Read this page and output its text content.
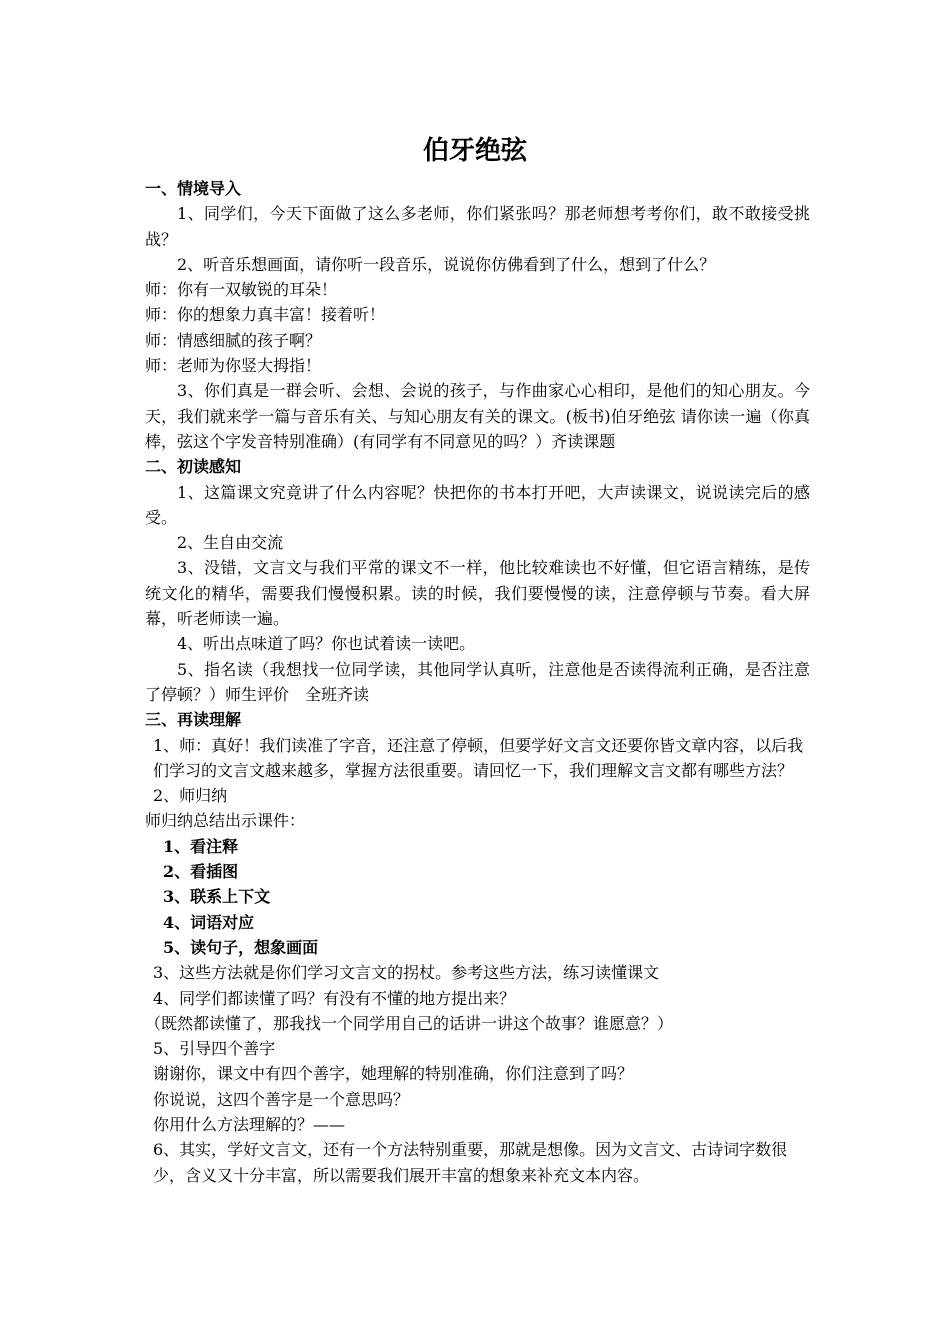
伯牙绝弦

一、情境导入

1、同学们，今天下面做了这么多老师，你们紧张吗？那老师想考考你们，敢不敢接受挑战？

2、听音乐想画面，请你听一段音乐，说说你仿佛看到了什么，想到了什么？

师：你有一双敏锐的耳朵！

师：你的想象力真丰富！接着听！

师：情感细腻的孩子啊？

师：老师为你竖大拇指！

3、你们真是一群会听、会想、会说的孩子，与作曲家心心相印，是他们的知心朋友。今天，我们就来学一篇与音乐有关、与知心朋友有关的课文。(板书)伯牙绝弦 请你读一遍（你真棒，弦这个字发音特别准确）(有同学有不同意见的吗？）齐读课题

二、初读感知

1、这篇课文究竟讲了什么内容呢？快把你的书本打开吧，大声读课文，说说读完后的感受。

2、生自由交流

3、没错，文言文与我们平常的课文不一样，他比较难读也不好懂，但它语言精练，是传统文化的精华，需要我们慢慢积累。读的时候，我们要慢慢的读，注意停顿与节奏。看大屏幕，听老师读一遍。

4、听出点味道了吗？你也试着读一读吧。

5、指名读（我想找一位同学读，其他同学认真听，注意他是否读得流利正确，是否注意了停顿？）师生评价　全班齐读

三、再读理解

1、师：真好！我们读准了字音，还注意了停顿，但要学好文言文还要你皆文章内容，以后我们学习的文言文越来越多，掌握方法很重要。请回忆一下，我们理解文言文都有哪些方法？

2、师归纳

师归纳总结出示课件：

1、看注释

2、看插图

3、联系上下文

4、词语对应

5、读句子，想象画面

3、这些方法就是你们学习文言文的拐杖。参考这些方法，练习读懂课文

4、同学们都读懂了吗？有没有不懂的地方提出来？

（既然都读懂了，那我找一个同学用自己的话讲一讲这个故事？谁愿意？）

5、引导四个善字

谢谢你，课文中有四个善字，她理解的特别准确，你们注意到了吗？

你说说，这四个善字是一个意思吗？

你用什么方法理解的？——

6、其实，学好文言文，还有一个方法特别重要，那就是想像。因为文言文、古诗词字数很少，含义又十分丰富，所以需要我们展开丰富的想象来补充文本内容。
